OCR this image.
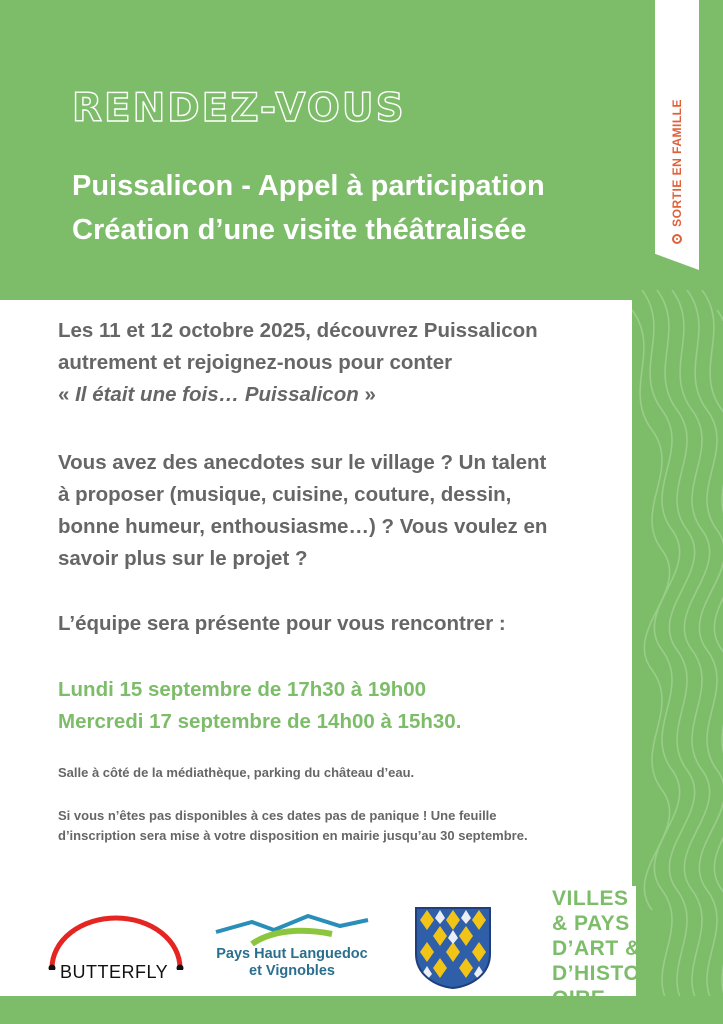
RENDEZ-VOUS
Puissalicon - Appel à participation
Création d’une visite théâtralisée
SORTIE EN FAMILLE
Les 11 et 12 octobre 2025, découvrez Puissalicon
autrement et rejoignez-nous pour conter
« Il était une fois… Puissalicon »
Vous avez des anecdotes sur le village ? Un talent
à proposer (musique, cuisine, couture, dessin,
bonne humeur, enthousiasme…) ? Vous voulez en
savoir plus sur le projet ?
L’équipe sera présente pour vous rencontrer :
Lundi 15 septembre de 17h30 à 19h00
Mercredi 17 septembre de 14h00 à 15h30.
Salle à côté de la médiathèque, parking du château d’eau.
Si vous n’êtes pas disponibles à ces dates pas de panique ! Une feuille
d’inscription sera mise à votre disposition en mairie jusqu’au 30 septembre.
BUTTERFLY
Pays Haut Languedoc
et Vignobles
VILLES
& PAYS
D’ART &
D’HISTO
OIRE
